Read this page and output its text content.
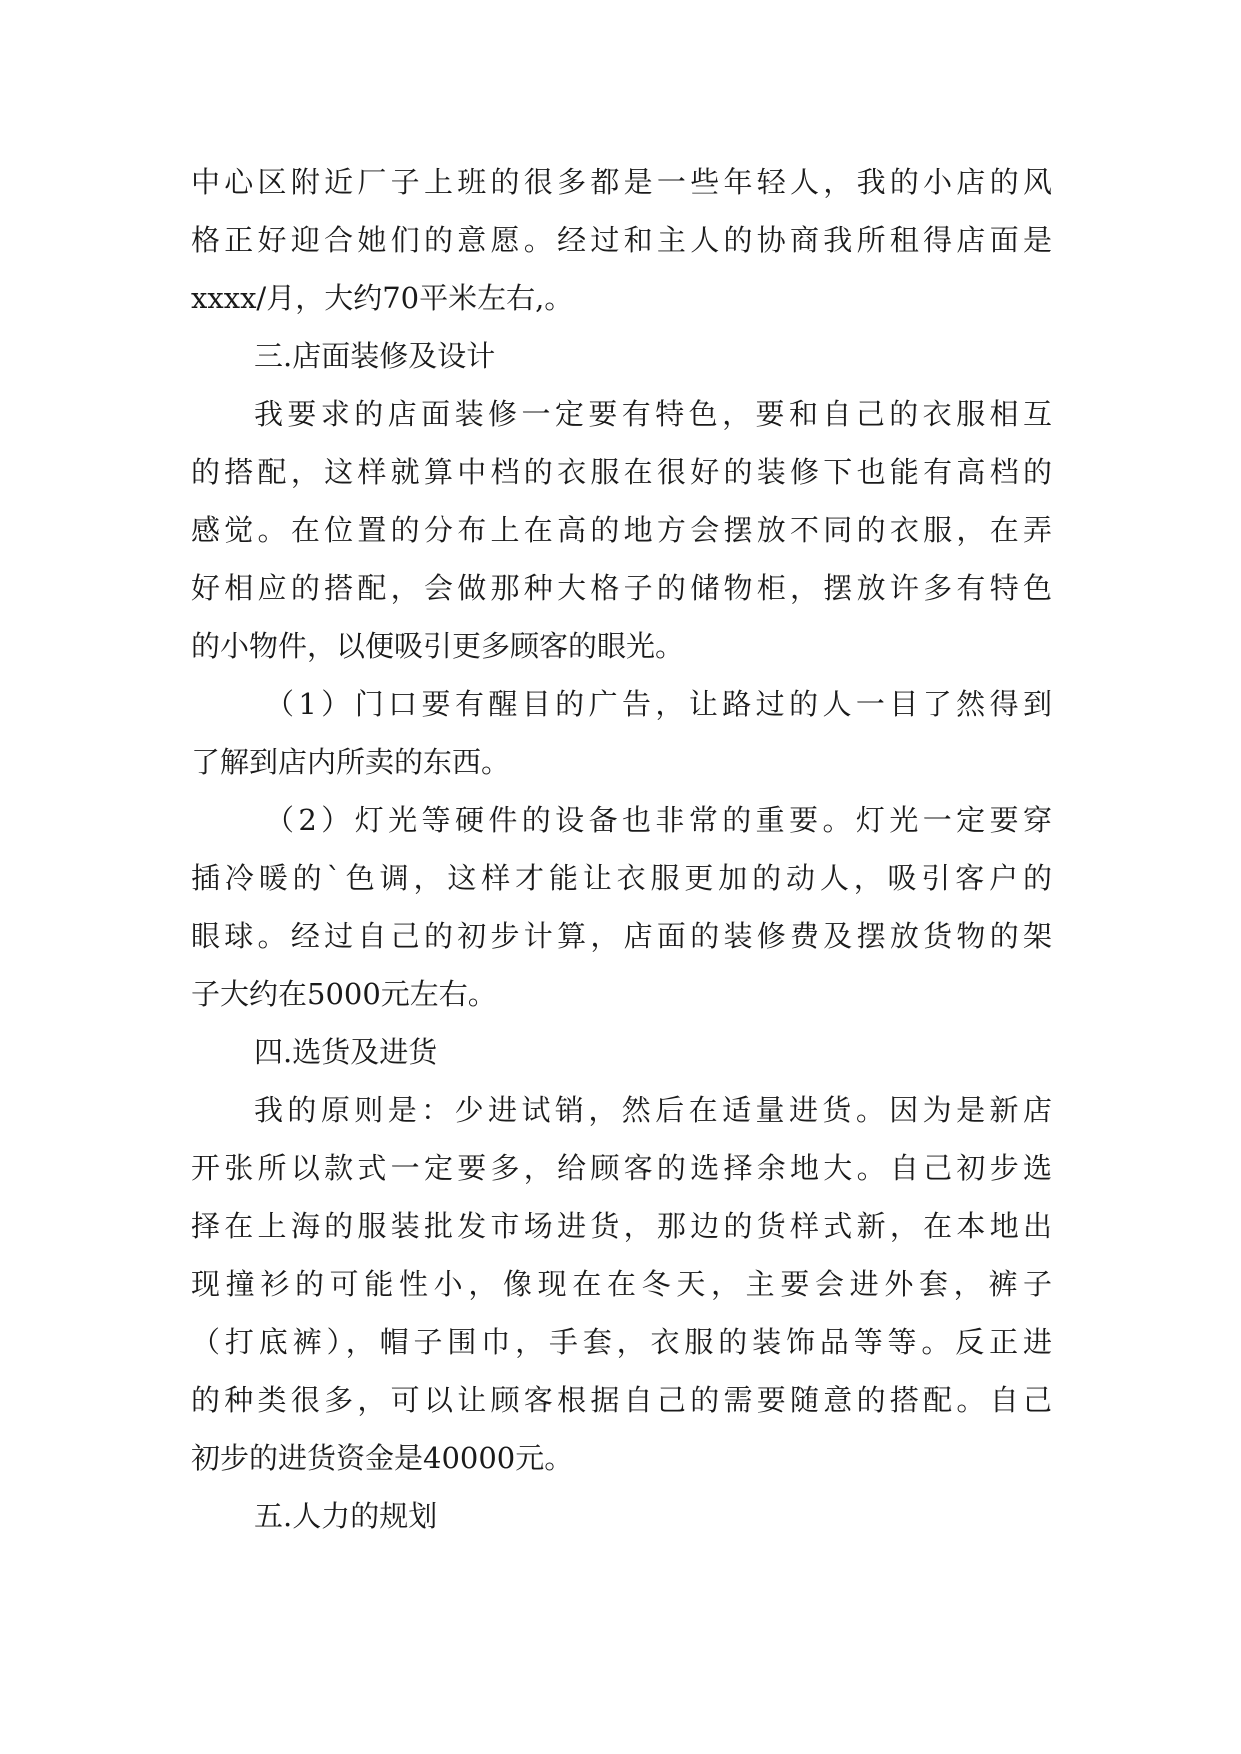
中心区附近厂子上班的很多都是一些年轻人，我的小店的风
格正好迎合她们的意愿。经过和主人的协商我所租得店面是
xxxx/月，大约70平米左右,。
三.店面装修及设计
我要求的店面装修一定要有特色，要和自己的衣服相互
的搭配，这样就算中档的衣服在很好的装修下也能有高档的
感觉。在位置的分布上在高的地方会摆放不同的衣服，在弄
好相应的搭配，会做那种大格子的储物柜，摆放许多有特色
的小物件，以便吸引更多顾客的眼光。
（1）门口要有醒目的广告，让路过的人一目了然得到
了解到店内所卖的东西。
（2）灯光等硬件的设备也非常的重要。灯光一定要穿
插冷暖的`色调，这样才能让衣服更加的动人，吸引客户的
眼球。经过自己的初步计算，店面的装修费及摆放货物的架
子大约在5000元左右。
四.选货及进货
我的原则是：少进试销，然后在适量进货。因为是新店
开张所以款式一定要多，给顾客的选择余地大。自己初步选
择在上海的服装批发市场进货，那边的货样式新，在本地出
现撞衫的可能性小，像现在在冬天，主要会进外套，裤子
（打底裤），帽子围巾，手套，衣服的装饰品等等。反正进
的种类很多，可以让顾客根据自己的需要随意的搭配。自己
初步的进货资金是40000元。
五.人力的规划
